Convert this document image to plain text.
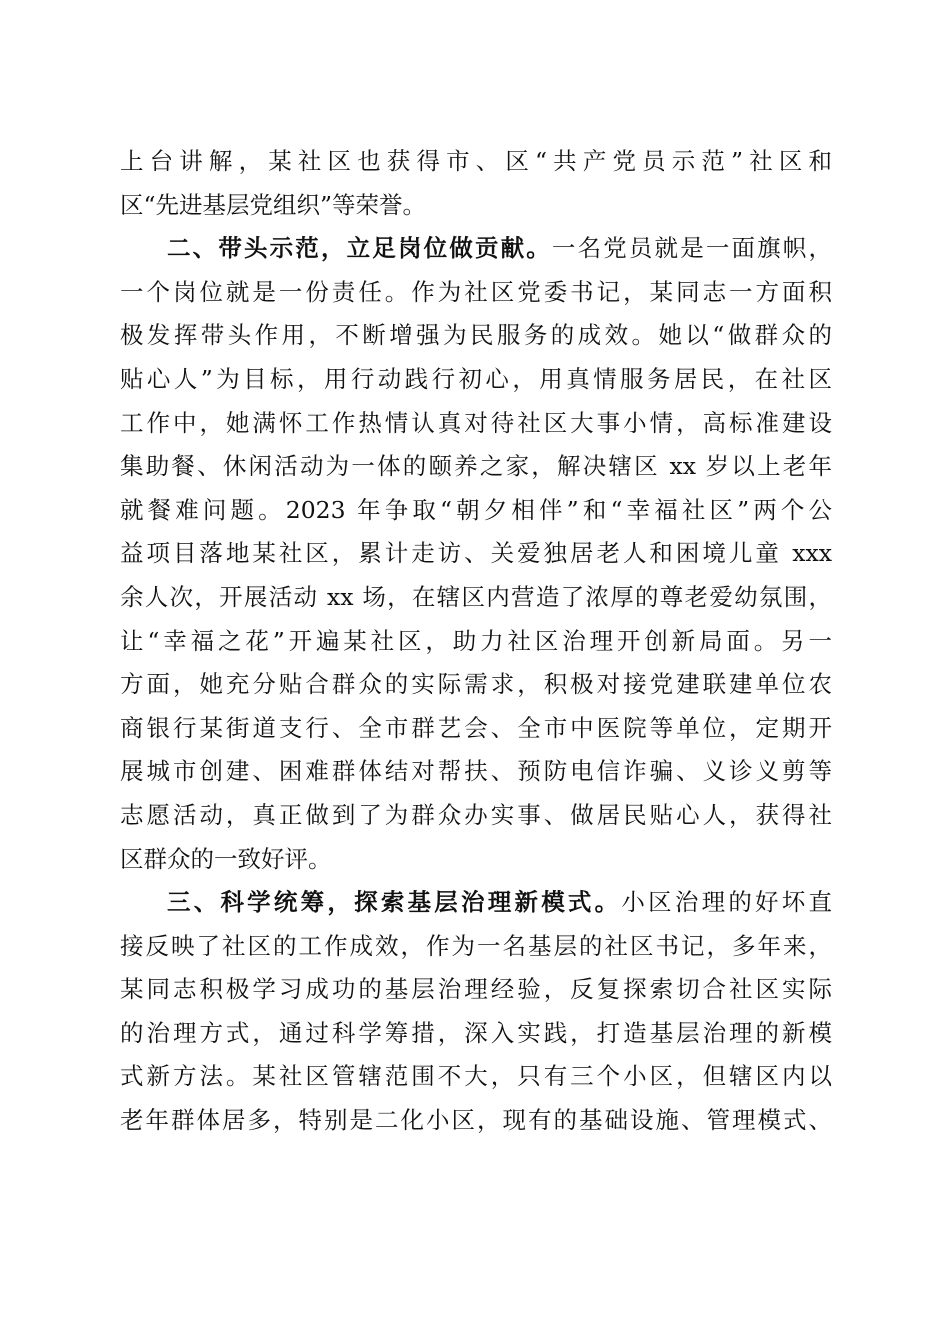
上台讲解，某社区也获得市、区“共产党员示范”社区和
区“先进基层党组织”等荣誉。
二、带头示范，立足岗位做贡献。一名党员就是一面旗帜，
一个岗位就是一份责任。作为社区党委书记，某同志一方面积
极发挥带头作用，不断增强为民服务的成效。她以“做群众的
贴心人”为目标，用行动践行初心，用真情服务居民，在社区
工作中，她满怀工作热情认真对待社区大事小情，高标准建设
集助餐、休闲活动为一体的颐养之家，解决辖区 xx 岁以上老年
就餐难问题。2023 年争取“朝夕相伴”和“幸福社区”两个公
益项目落地某社区，累计走访、关爱独居老人和困境儿童 xxx
余人次，开展活动 xx 场，在辖区内营造了浓厚的尊老爱幼氛围，
让“幸福之花”开遍某社区，助力社区治理开创新局面。另一
方面，她充分贴合群众的实际需求，积极对接党建联建单位农
商银行某街道支行、全市群艺会、全市中医院等单位，定期开
展城市创建、困难群体结对帮扶、预防电信诈骗、义诊义剪等
志愿活动，真正做到了为群众办实事、做居民贴心人，获得社
区群众的一致好评。
三、科学统筹，探索基层治理新模式。小区治理的好坏直
接反映了社区的工作成效，作为一名基层的社区书记，多年来，
某同志积极学习成功的基层治理经验，反复探索切合社区实际
的治理方式，通过科学筹措，深入实践，打造基层治理的新模
式新方法。某社区管辖范围不大，只有三个小区，但辖区内以
老年群体居多，特别是二化小区，现有的基础设施、管理模式、
